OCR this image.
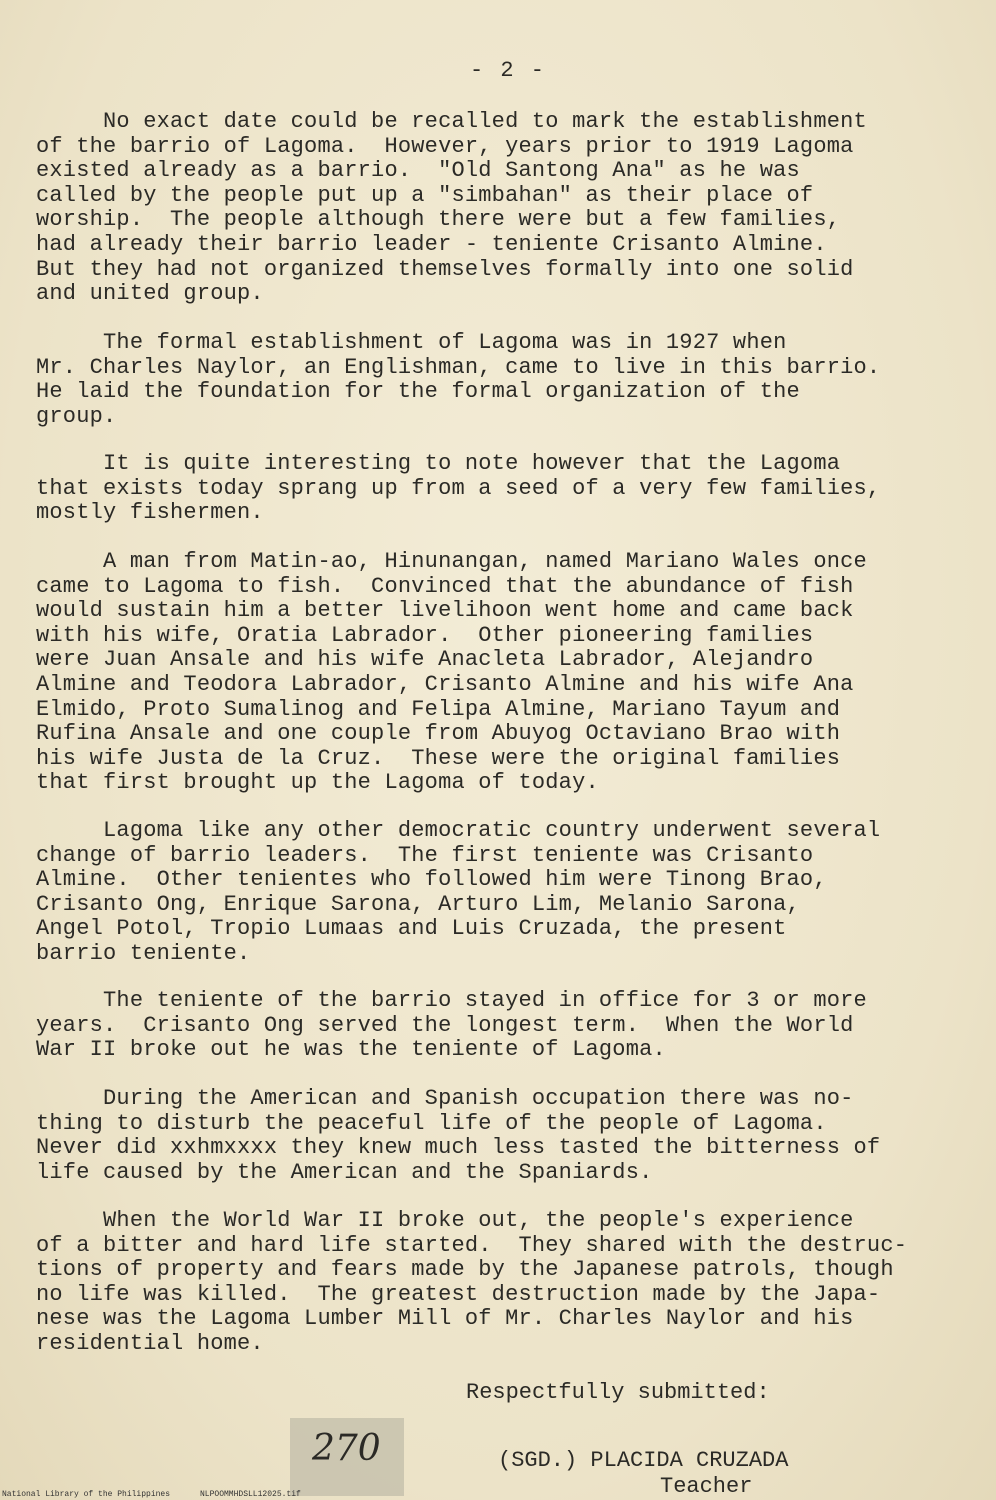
- 2 -

No exact date could be recalled to mark the establishment
of the barrio of Lagoma.  However, years prior to 1919 Lagoma
existed already as a barrio.  "Old Santong Ana" as he was
called by the people put up a "simbahan" as their place of
worship.  The people although there were but a few families,
had already their barrio leader - teniente Crisanto Almine.
But they had not organized themselves formally into one solid
and united group.

The formal establishment of Lagoma was in 1927 when
Mr. Charles Naylor, an Englishman, came to live in this barrio.
He laid the foundation for the formal organization of the
group.

It is quite interesting to note however that the Lagoma
that exists today sprang up from a seed of a very few families,
mostly fishermen.

A man from Matin-ao, Hinunangan, named Mariano Wales once
came to Lagoma to fish.  Convinced that the abundance of fish
would sustain him a better livelihoon went home and came back
with his wife, Oratia Labrador.  Other pioneering families
were Juan Ansale and his wife Anacleta Labrador, Alejandro
Almine and Teodora Labrador, Crisanto Almine and his wife Ana
Elmido, Proto Sumalinog and Felipa Almine, Mariano Tayum and
Rufina Ansale and one couple from Abuyog Octaviano Brao with
his wife Justa de la Cruz.  These were the original families
that first brought up the Lagoma of today.

Lagoma like any other democratic country underwent several
change of barrio leaders.  The first teniente was Crisanto
Almine.  Other tenientes who followed him were Tinong Brao,
Crisanto Ong, Enrique Sarona, Arturo Lim, Melanio Sarona,
Angel Potol, Tropio Lumaas and Luis Cruzada, the present
barrio teniente.

The teniente of the barrio stayed in office for 3 or more
years.  Crisanto Ong served the longest term.  When the World
War II broke out he was the teniente of Lagoma.

During the American and Spanish occupation there was no-
thing to disturb the peaceful life of the people of Lagoma.
Never did xxhmxxxx they knew much less tasted the bitterness of
life caused by the American and the Spaniards.

When the World War II broke out, the people's experience
of a bitter and hard life started.  They shared with the destruc-
tions of property and fears made by the Japanese patrols, though
no life was killed.  The greatest destruction made by the Japa-
nese was the Lagoma Lumber Mill of Mr. Charles Naylor and his
residential home.

Respectfully submitted:
270	(SGD.) PLACIDA CRUZADA
Teacher
National Library of the Philippines	NLPOOMMHDSLL12025.tif
